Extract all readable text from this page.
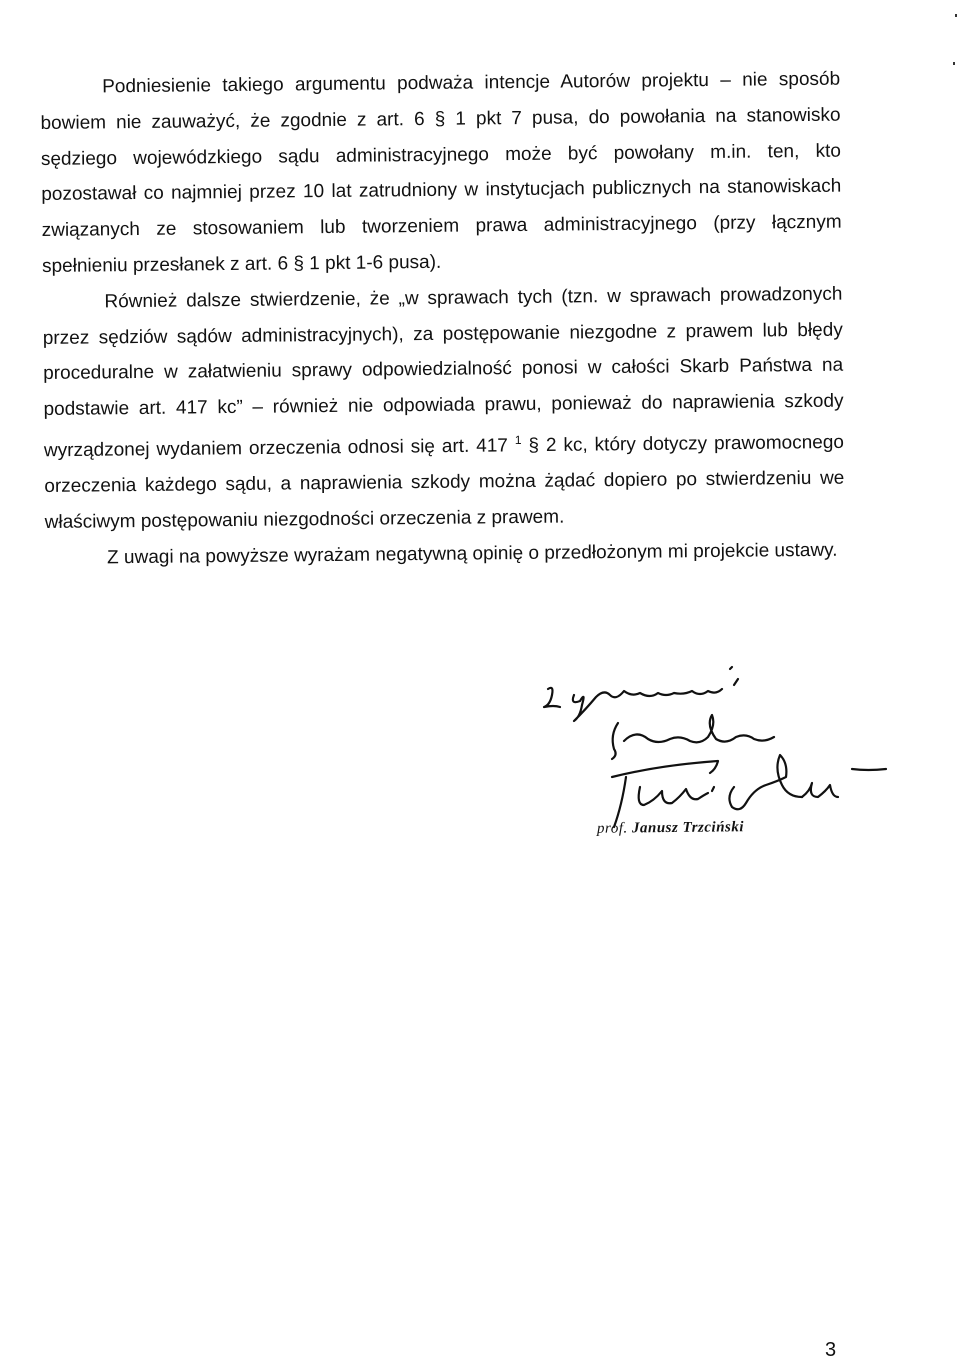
Podniesienie takiego argumentu podważa intencje Autorów projektu – nie sposób bowiem nie zauważyć, że zgodnie z art. 6 § 1 pkt 7 pusa, do powołania na stanowisko sędziego wojewódzkiego sądu administracyjnego może być powołany m.in. ten, kto pozostawał co najmniej przez 10 lat zatrudniony w instytucjach publicznych na stanowiskach związanych ze stosowaniem lub tworzeniem prawa administracyjnego (przy łącznym spełnieniu przesłanek z art. 6 § 1 pkt 1-6 pusa).

Również dalsze stwierdzenie, że „w sprawach tych (tzn. w sprawach prowadzonych przez sędziów sądów administracyjnych), za postępowanie niezgodne z prawem lub błędy proceduralne w załatwieniu sprawy odpowiedzialność ponosi w całości Skarb Państwa na podstawie art. 417 kc” – również nie odpowiada prawu, ponieważ do naprawienia szkody wyrządzonej wydaniem orzeczenia odnosi się art. 417 $^1$ § 2 kc, który dotyczy prawomocnego orzeczenia każdego sądu, a naprawienia szkody można żądać dopiero po stwierdzeniu we właściwym postępowaniu niezgodności orzeczenia z prawem.

Z uwagi na powyższe wyrażam negatywną opinię o przedłożonym mi projekcie ustawy.

prof. Janusz Trzciński
3
